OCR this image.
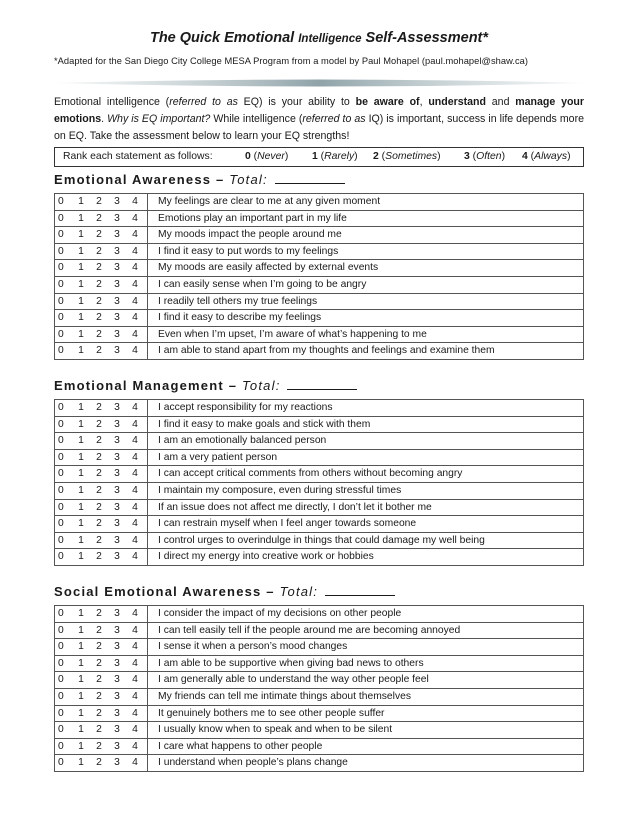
The Quick Emotional Intelligence Self-Assessment*
*Adapted for the San Diego City College MESA Program from a model by Paul Mohapel (paul.mohapel@shaw.ca)

Emotional intelligence (referred to as EQ) is your ability to be aware of, understand and manage your emotions. Why is EQ important? While intelligence (referred to as IQ) is important, success in life depends more on EQ. Take the assessment below to learn your EQ strengths!

Rank each statement as follows:	0 (Never) 1 (Rarely) 2 (Sometimes) 3 (Often) 4 (Always)
Emotional Awareness – Total:
0 1 2 3 4	My feelings are clear to me at any given moment
0 1 2 3 4	Emotions play an important part in my life
0 1 2 3 4	My moods impact the people around me
0 1 2 3 4	I find it easy to put words to my feelings
0 1 2 3 4	My moods are easily affected by external events
0 1 2 3 4	I can easily sense when I’m going to be angry
0 1 2 3 4	I readily tell others my true feelings
0 1 2 3 4	I find it easy to describe my feelings
0 1 2 3 4	Even when I’m upset, I’m aware of what’s happening to me
0 1 2 3 4	I am able to stand apart from my thoughts and feelings and examine them
Emotional Management – Total:
0 1 2 3 4	I accept responsibility for my reactions
0 1 2 3 4	I find it easy to make goals and stick with them
0 1 2 3 4	I am an emotionally balanced person
0 1 2 3 4	I am a very patient person
0 1 2 3 4	I can accept critical comments from others without becoming angry
0 1 2 3 4	I maintain my composure, even during stressful times
0 1 2 3 4	If an issue does not affect me directly, I don’t let it bother me
0 1 2 3 4	I can restrain myself when I feel anger towards someone
0 1 2 3 4	I control urges to overindulge in things that could damage my well being
0 1 2 3 4	I direct my energy into creative work or hobbies
Social Emotional Awareness – Total:
0 1 2 3 4	I consider the impact of my decisions on other people
0 1 2 3 4	I can tell easily tell if the people around me are becoming annoyed
0 1 2 3 4	I sense it when a person’s mood changes
0 1 2 3 4	I am able to be supportive when giving bad news to others
0 1 2 3 4	I am generally able to understand the way other people feel
0 1 2 3 4	My friends can tell me intimate things about themselves
0 1 2 3 4	It genuinely bothers me to see other people suffer
0 1 2 3 4	I usually know when to speak and when to be silent
0 1 2 3 4	I care what happens to other people
0 1 2 3 4	I understand when people’s plans change
